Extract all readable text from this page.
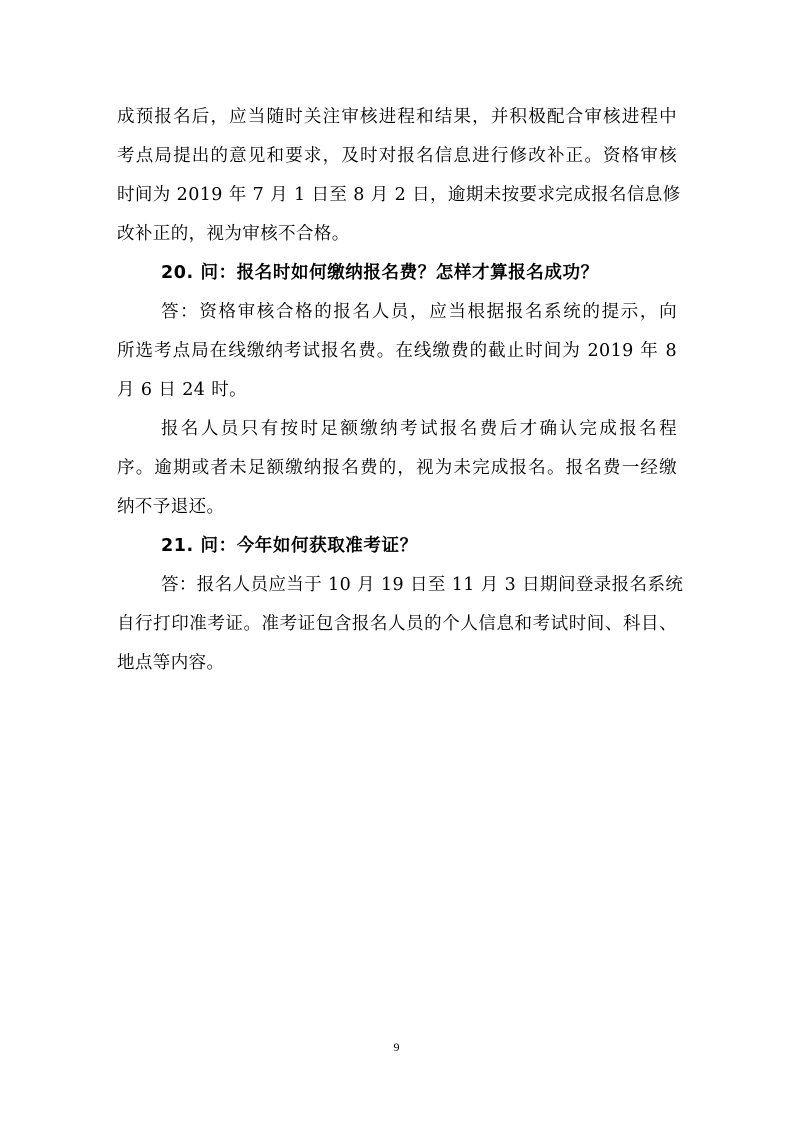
成预报名后，应当随时关注审核进程和结果，并积极配合审核进程中
考点局提出的意见和要求，及时对报名信息进行修改补正。资格审核
时间为 2019 年 7 月 1 日至 8 月 2 日，逾期未按要求完成报名信息修
改补正的，视为审核不合格。
20. 问：报名时如何缴纳报名费？怎样才算报名成功？
答：资格审核合格的报名人员，应当根据报名系统的提示，向
所选考点局在线缴纳考试报名费。在线缴费的截止时间为 2019 年 8
月 6 日 24 时。
报名人员只有按时足额缴纳考试报名费后才确认完成报名程
序。逾期或者未足额缴纳报名费的，视为未完成报名。报名费一经缴
纳不予退还。
21. 问：今年如何获取准考证？
答：报名人员应当于 10 月 19 日至 11 月 3 日期间登录报名系统
自行打印准考证。准考证包含报名人员的个人信息和考试时间、科目、
地点等内容。
9
